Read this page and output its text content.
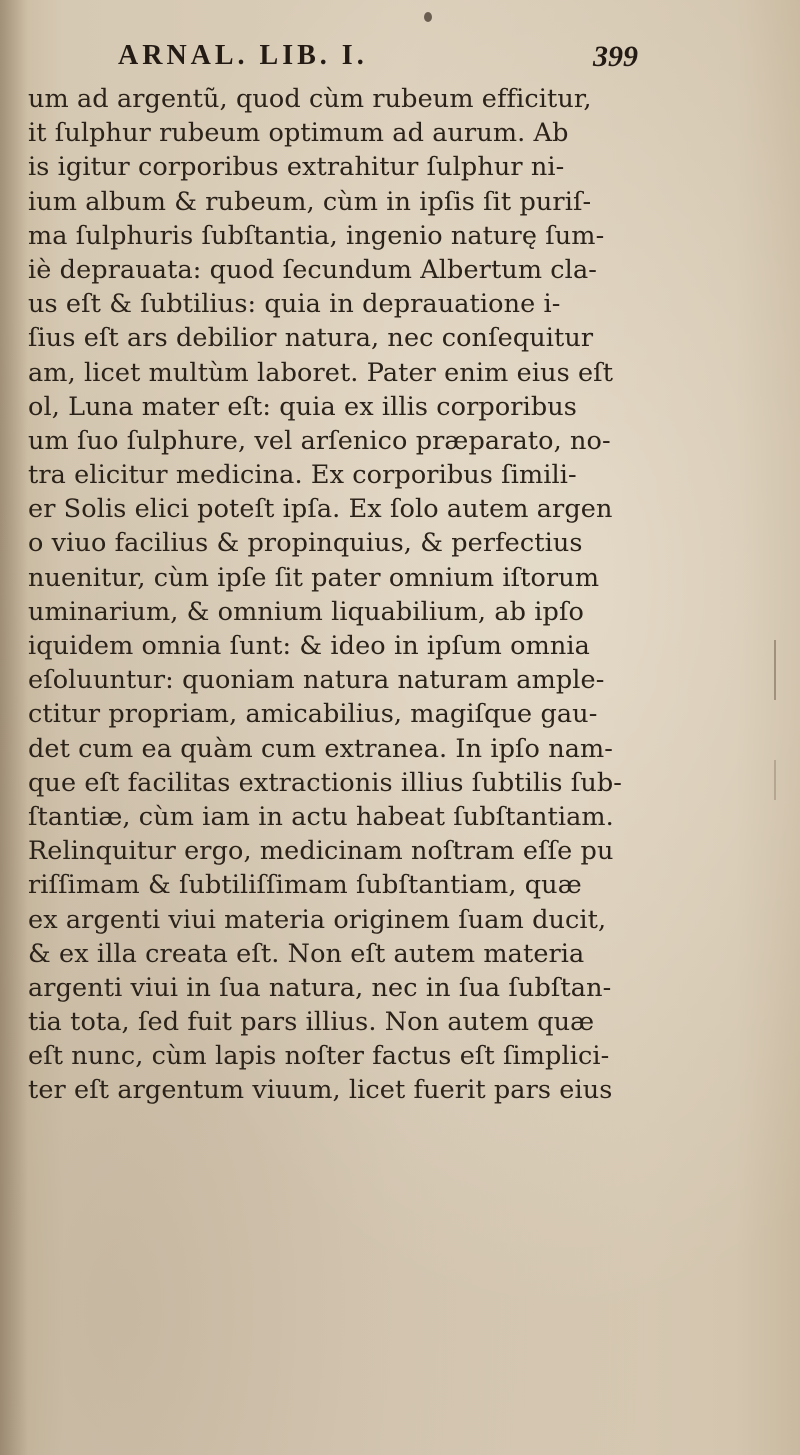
ARNAL. LIB. I.	399
um ad argentũ, quod cùm rubeum efficitur,
it ſulphur rubeum optimum ad aurum. Ab
is igitur corporibus extrahitur ſulphur ni-
ium album & rubeum, cùm in ipſis ſit puriſ-
ma ſulphuris ſubſtantia, ingenio naturę ſum-
iè deprauata: quod ſecundum Albertum cla-
us eſt & ſubtilius: quia in deprauatione i-
ſius eſt ars debilior natura, nec conſequitur
am, licet multùm laboret. Pater enim eius eſt
ol, Luna mater eſt: quia ex illis corporibus
um ſuo ſulphure, vel arſenico præparato, no-
tra elicitur medicina. Ex corporibus ſimili-
er Solis elici poteſt ipſa. Ex ſolo autem argen
o viuo facilius & propinquius, & perfectius
nuenitur, cùm ipſe ſit pater omnium iſtorum
uminarium, & omnium liquabilium, ab ipſo
iquidem omnia ſunt: & ideo in ipſum omnia
eſoluuntur: quoniam natura naturam ample-
ctitur propriam, amicabilius, magiſque gau-
det cum ea quàm cum extranea. In ipſo nam-
que eſt facilitas extractionis illius ſubtilis ſub-
ſtantiæ, cùm iam in actu habeat ſubſtantiam.
Relinquitur ergo, medicinam noſtram eſſe pu
riſſimam & ſubtiliſſimam ſubſtantiam, quæ
ex argenti viui materia originem ſuam ducit,
& ex illa creata eſt. Non eſt autem materia
argenti viui in ſua natura, nec in ſua ſubſtan-
tia tota, ſed fuit pars illius. Non autem quæ
eſt nunc, cùm lapis noſter factus eſt ſimplici-
ter eſt argentum viuum, licet fuerit pars eius
